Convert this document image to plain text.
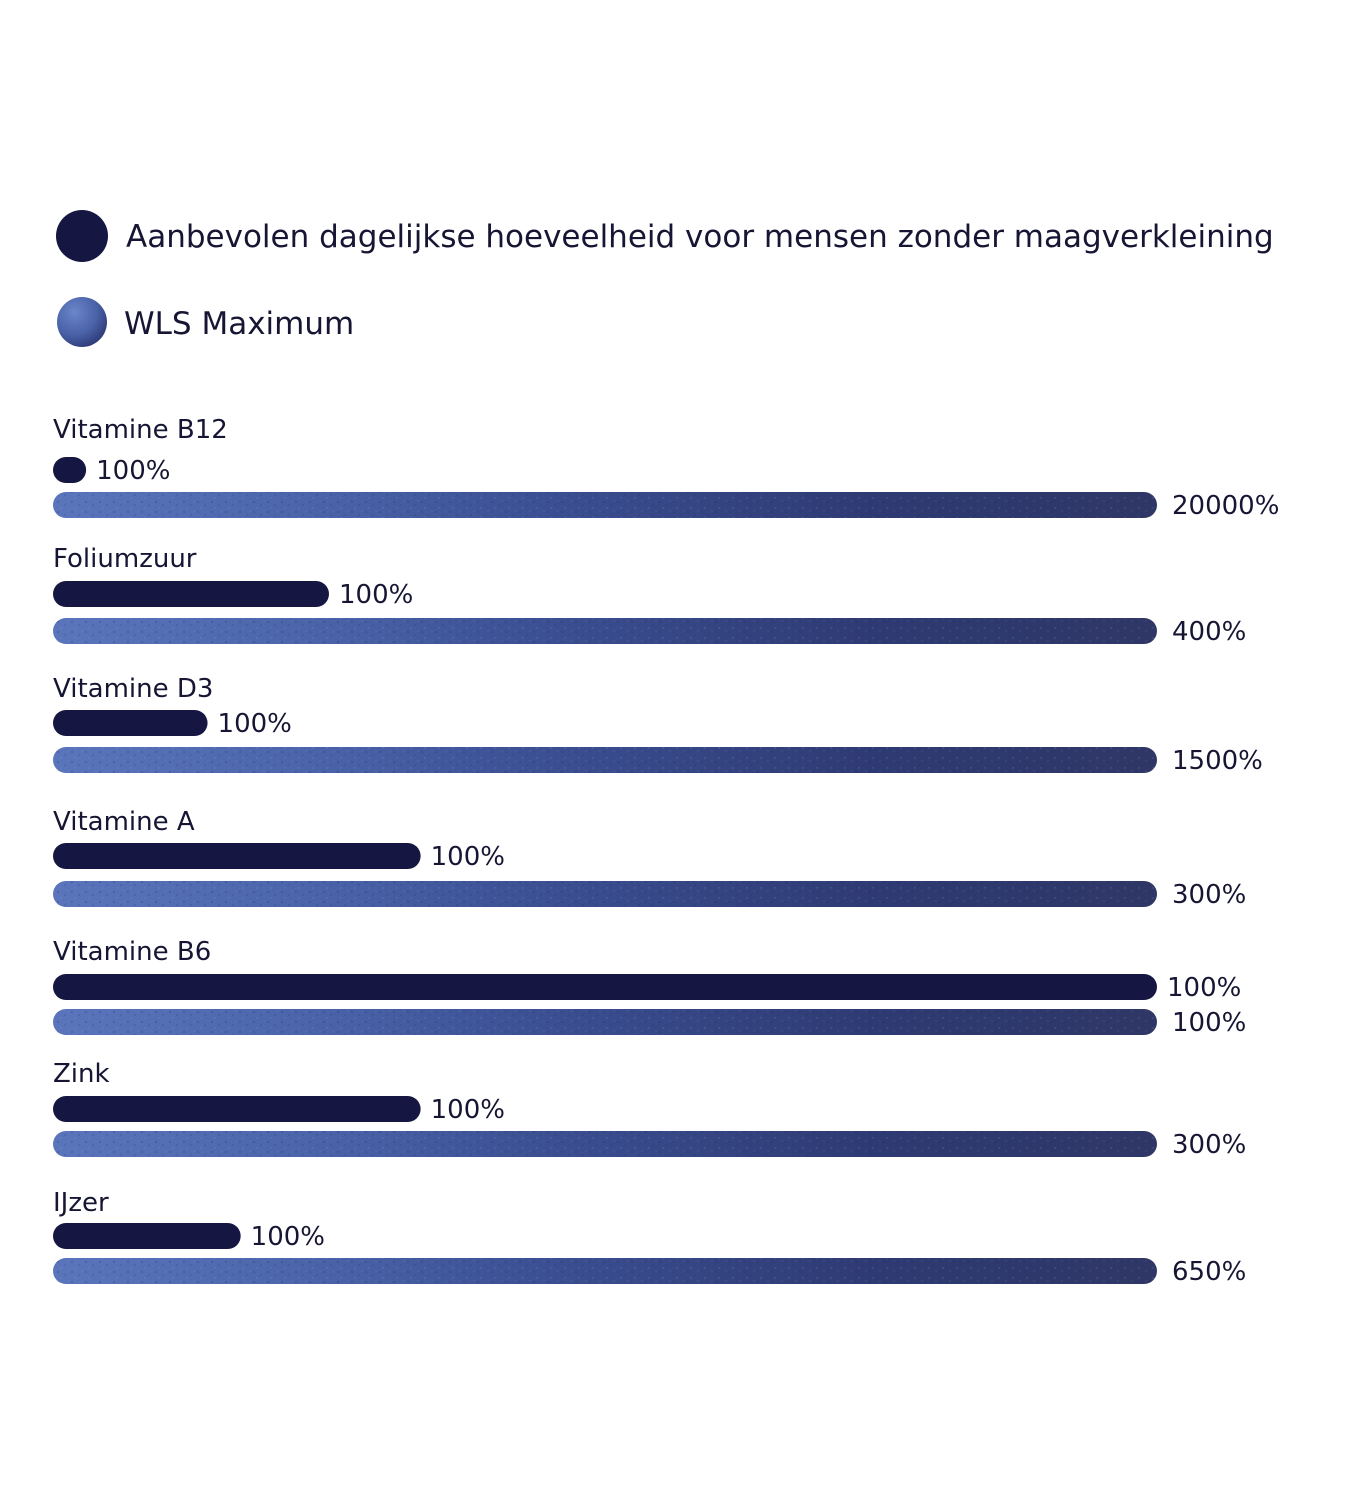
Aanbevolen dagelijkse hoeveelheid voor mensen zonder maagverkleining
WLS Maximum
Vitamine B12
100%
20000%
Foliumzuur
100%
400%
Vitamine D3
100%
1500%
Vitamine A
100%
300%
Vitamine B6
100%
100%
Zink
100%
300%
IJzer
100%
650%
